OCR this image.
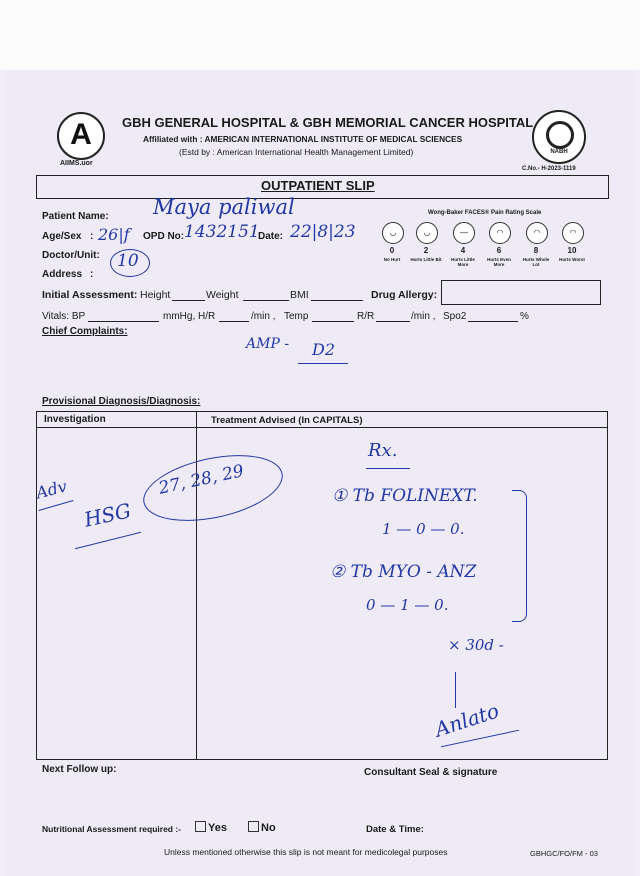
A
AIIMS.uor
GBH GENERAL HOSPITAL & GBH MEMORIAL CANCER HOSPITAL
Affiliated with : AMERICAN INTERNATIONAL INSTITUTE OF MEDICAL SCIENCES
(Estd by : American International Health Management Limited)	NABH
C.No.- H-2023-1119
OUTPATIENT SLIP
Patient Name: Maya paliwal
Age/Sex : 26|f OPD No: 1432151
Date: 22|8|23
Doctor/Unit: 10
Address :
Wong-Baker FACES® Pain Rating Scale
◡	◡	—	◠	◠	◠
0	2	4	6	8	10
No Hurt	Hurts Little Bit	Hurts Little More
Hurts Even More
Hurts Whole Lot
Hurts Worst
Initial Assessment: Height	Weight	BMI	Drug Allergy:
Vitals: BP	mmHg, H/R	/min , Temp	R/R	/min , Spo2	%
Chief Complaints:
AMP - D2
Provisional Diagnosis/Diagnosis:
Investigation	Treatment Advised (In CAPITALS)
Adv
HSG
27, 28, 29
Rx.
① Tb FOLINEXT.
1 — 0 — 0.
② Tb MYO - ANZ
0 — 1 — 0.
× 30d -
Anlato
Next Follow up:	Consultant Seal & signature
Nutritional Assessment required :-	Yes	No	Date & Time:
Unless mentioned otherwise this slip is not meant for medicolegal purposes	GBHGC/FO/FM - 03
